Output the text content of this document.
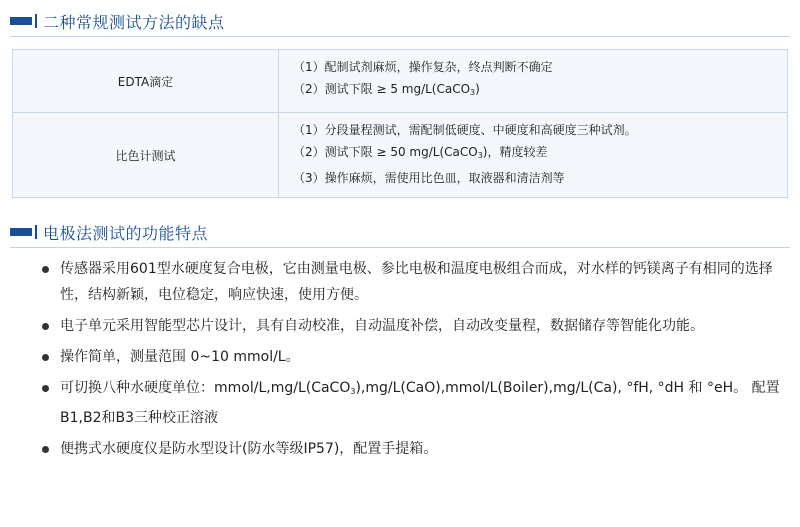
二种常规测试方法的缺点
EDTA滴定	（1）配制试剂麻烦，操作复杂，终点判断不确定
（2）测试下限 ≥ 5 mg/L(CaCO$_3$)

比色计测试	（1）分段量程测试，需配制低硬度、中硬度和高硬度三种试剂。
（2）测试下限 ≥ 50 mg/L(CaCO$_3$)，精度较差
（3）操作麻烦，需使用比色皿，取液器和清洁剂等
电极法测试的功能特点
传感器采用601型水硬度复合电极，它由测量电极、参比电极和温度电极组合而成，对水样的钙镁离子有相同的选择性，结构新颖，电位稳定，响应快速，使用方便。
电子单元采用智能型芯片设计，具有自动校准，自动温度补偿，自动改变量程，数据储存等智能化功能。
操作简单，测量范围 0~10 mmol/L。
可切换八种水硬度单位：mmol/L,mg/L(CaCO$_3$),mg/L(CaO),mmol/L(Boiler),mg/L(Ca), °fH, °dH 和 °eH。 配置B1,B2和B3三种校正溶液
便携式水硬度仪是防水型设计(防水等级IP57)，配置手提箱。
